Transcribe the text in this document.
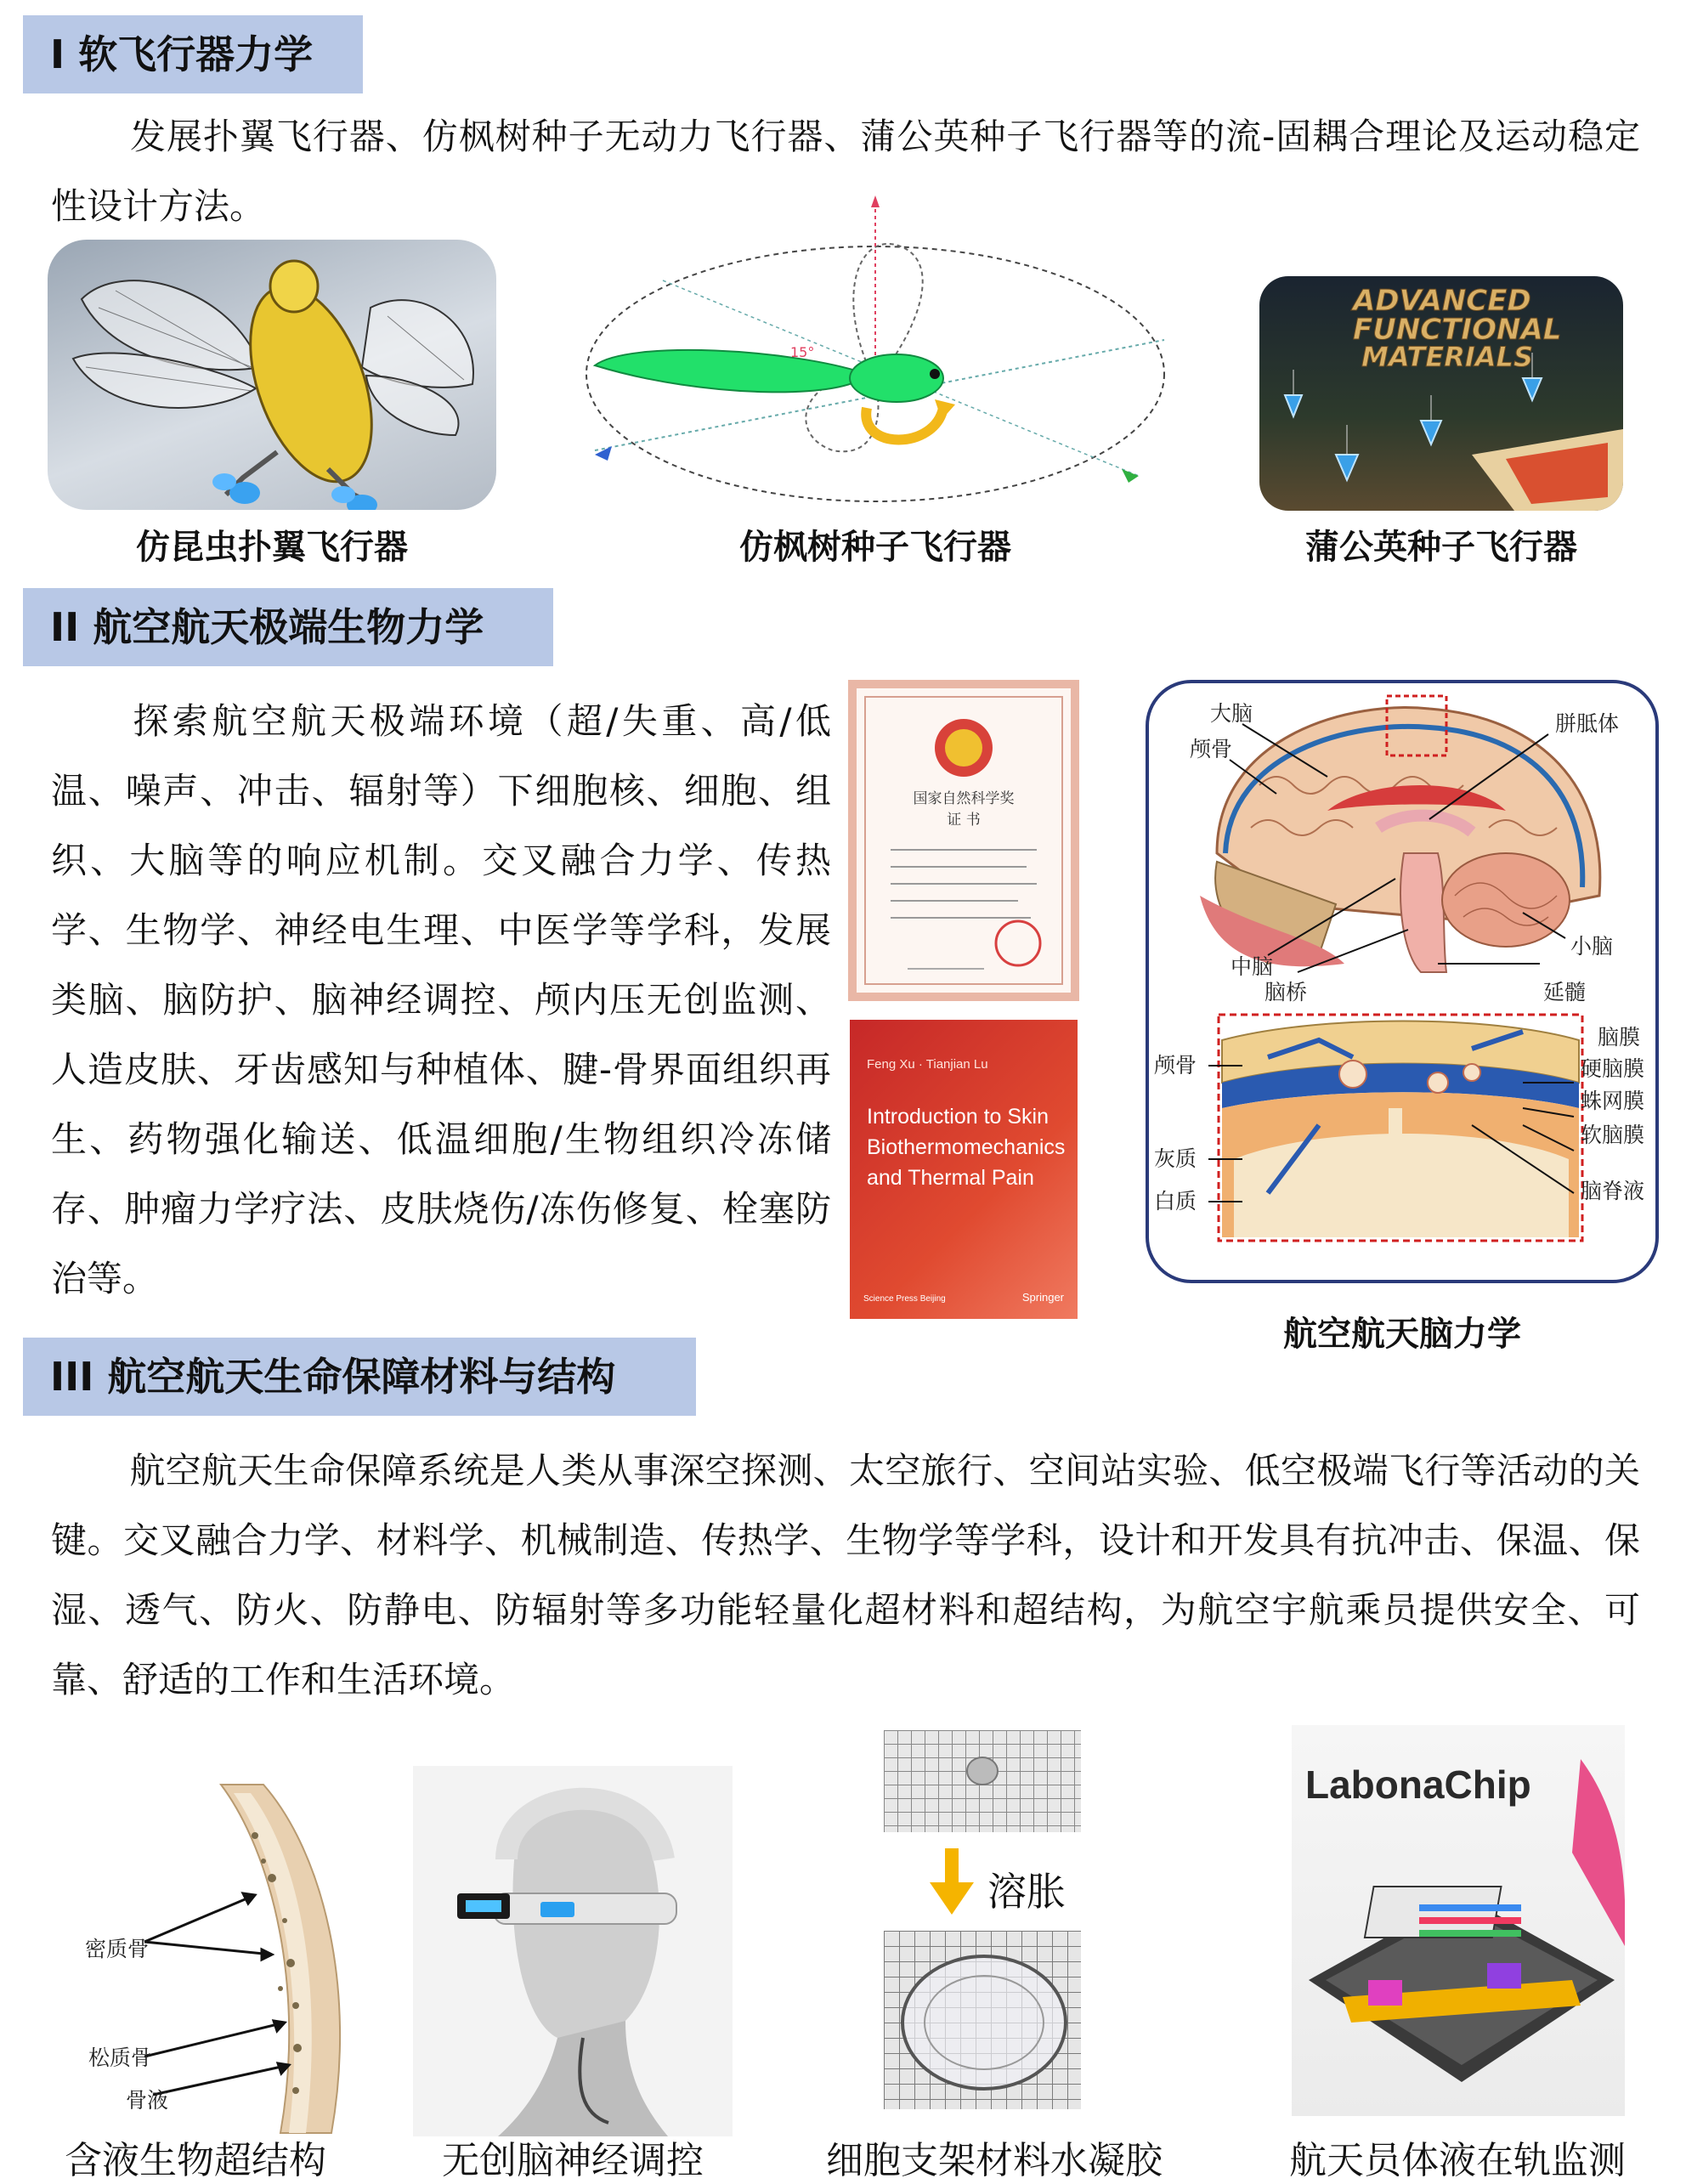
I 软飞行器力学
发展扑翼飞行器、仿枫树种子无动力飞行器、蒲公英种子飞行器等的流-固耦合理论及运动稳定性设计方法。
仿昆虫扑翼飞行器
15°
仿枫树种子飞行器
ADVANCED
FUNCTIONAL
MATERIALS
蒲公英种子飞行器
II 航空航天极端生物力学
探索航空航天极端环境（超/失重、高/低温、噪声、冲击、辐射等）下细胞核、细胞、组织、大脑等的响应机制。交叉融合力学、传热学、生物学、神经电生理、中医学等学科，发展类脑、脑防护、脑神经调控、颅内压无创监测、人造皮肤、牙齿感知与种植体、腱-骨界面组织再生、药物强化输送、低温细胞/生物组织冷冻储存、肿瘤力学疗法、皮肤烧伤/冻伤修复、栓塞防治等。
国家自然科学奖
证 书
Feng Xu · Tianjian Lu
Introduction to Skin
Biothermomechanics
and Thermal Pain
Science Press Beijing	Springer
大脑
颅骨
胼胝体
中脑
脑桥
小脑
延髓
脑膜
颅骨	硬脑膜
蛛网膜
软脑膜
灰质
白质	脑脊液
航空航天脑力学
III 航空航天生命保障材料与结构
航空航天生命保障系统是人类从事深空探测、太空旅行、空间站实验、低空极端飞行等活动的关键。交叉融合力学、材料学、机械制造、传热学、生物学等学科，设计和开发具有抗冲击、保温、保湿、透气、防火、防静电、防辐射等多功能轻量化超材料和超结构，为航空宇航乘员提供安全、可靠、舒适的工作和生活环境。
密质骨
松质骨
骨液
含液生物超结构	无创脑神经调控
溶胀
细胞支架材料水凝胶
LabonaChip
航天员体液在轨监测
